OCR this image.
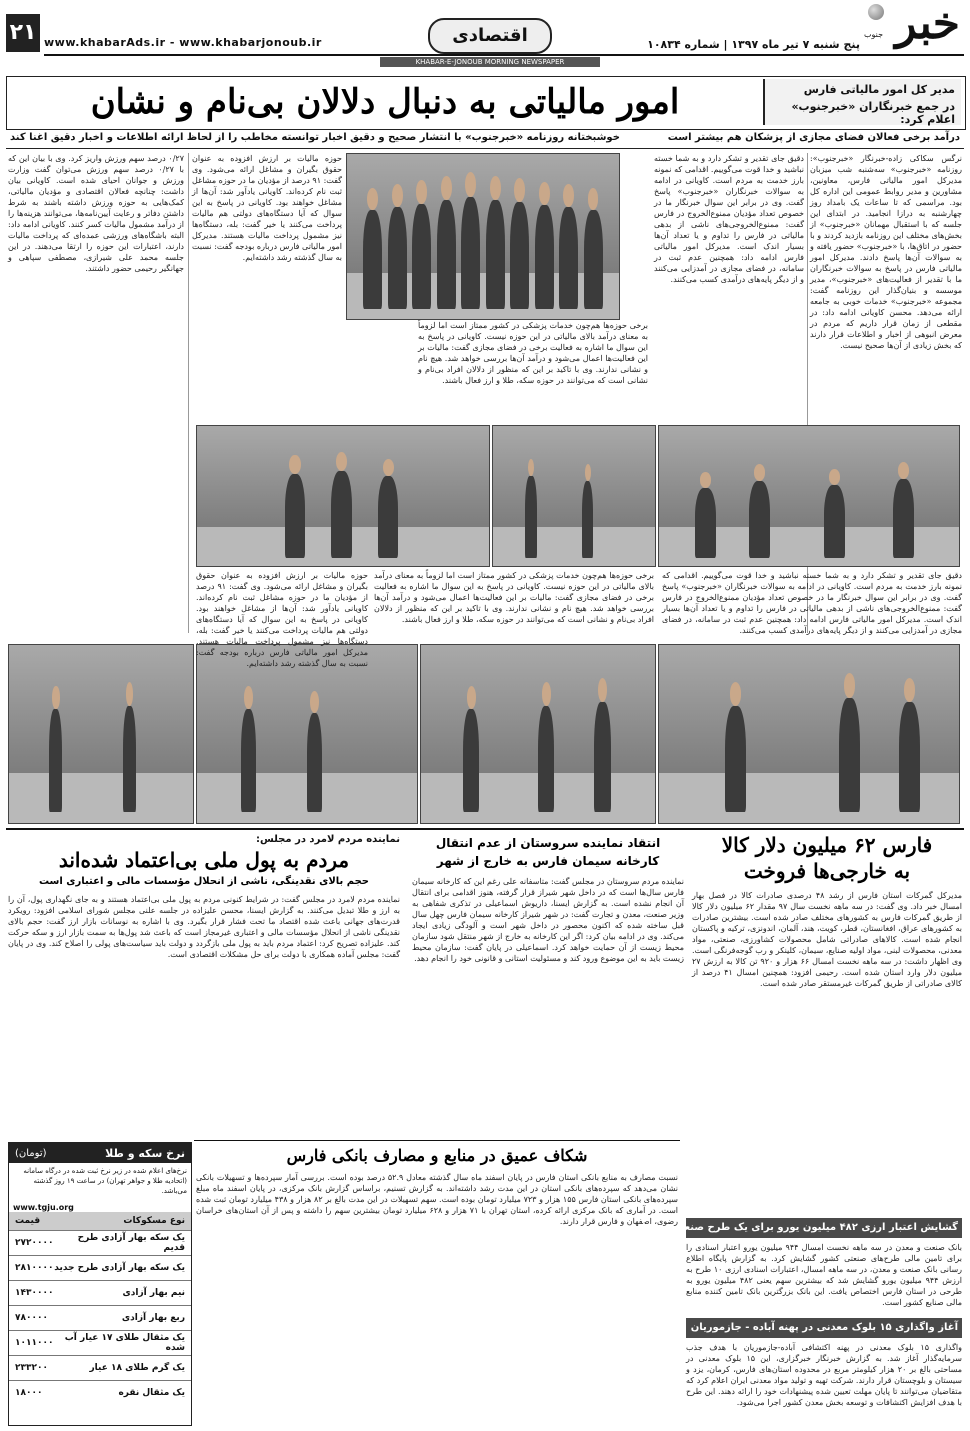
۲۱ www.khabarAds.ir - www.khabarjonoub.ir	اقتصادی	خبر
جنوب
پنج شنبه ۷ تیر ماه ۱۳۹۷ | شماره ۱۰۸۳۴
KHABAR-E-JONOUB MORNING NEWSPAPER
مدیر کل امور مالیاتی فارس
در جمع خبرنگاران «خبرجنوب» اعلام کرد:
امور مالیاتی به دنبال دلالان بی‌نام و نشان
درآمد برخی فعالان فضای مجازی از پزشکان هم بیشتر است
خوشبختانه روزنامه «خبرجنوب» با انتشار صحیح و دقیق اخبار توانسته مخاطب را از لحاظ ارائه اطلاعات و اخبار دقیق اغنا کند
نرگس سکاکی زاده-خبرنگار «خبرجنوب»: روزنامه «خبرجنوب» سه‌شنبه شب میزبان مدیرکل امور مالیاتی فارس، معاونین، مشاورین و مدیر روابط عمومی این اداره کل بود. مراسمی که تا ساعات یک بامداد روز چهارشنبه به درازا انجامید. در ابتدای این جلسه که با استقبال مهمانان «خبرجنوب» از بخش‌های مختلف این روزنامه بازدید کردند و با حضور در اتاق‌ها، با «خبرجنوب» حضور یافته و به سوالات آن‌ها پاسخ دادند. مدیرکل امور مالیاتی فارس در پاسخ به سوالات خبرنگاران ما با تقدیر از فعالیت‌های «خبرجنوب»، مدیر موسسه و بنیان‌گذار این روزنامه گفت: مجموعه «خبرجنوب» خدمات خوبی به جامعه ارائه می‌دهد. محسن کاویانی ادامه داد: در مقطعی از زمان قرار داریم که مردم در معرض انبوهی از اخبار و اطلاعات قرار دارند که بخش زیادی از آن‌ها صحیح نیست.
دقیق جای تقدیر و تشکر دارد و به شما خسته نباشید و خدا قوت می‌گوییم. اقدامی که نمونه بارز خدمت به مردم است. کاویانی در ادامه به سوالات خبرنگاران «خبرجنوب» پاسخ گفت. وی در برابر این سوال خبرنگار ما در خصوص تعداد مؤدیان ممنوع‌الخروج در فارس گفت: ممنوع‌الخروجی‌های ناشی از بدهی مالیاتی در فارس را تداوم و یا تعداد آن‌ها بسیار اندک است. مدیرکل امور مالیاتی فارس ادامه داد: همچنین عدم ثبت در سامانه، در فضای مجازی در آمدزایی می‌کنند و از دیگر پایه‌های درآمدی کسب می‌کنند.
برخی حوزه‌ها هم‌چون خدمات پزشکی در کشور ممتاز است اما لزوماً به معنای درآمد بالای مالیاتی در این حوزه نیست. کاویانی در پاسخ به این سوال ما اشاره به فعالیت برخی در فضای مجازی گفت: مالیات بر این فعالیت‌ها اعمال می‌شود و درآمد آن‌ها بررسی خواهد شد. هیچ نام و نشانی ندارند. وی با تاکید بر این که منظور از دلالان افراد بی‌نام و نشانی است که می‌توانند در حوزه سکه، طلا و ارز فعال باشند.
حوزه مالیات بر ارزش افزوده به عنوان حقوق بگیران و مشاغل ارائه می‌شود. وی گفت: ۹۱ درصد از مؤدیان ما در حوزه مشاغل ثبت نام کرده‌اند. کاویانی یادآور شد: آن‌ها از مشاغل خواهند بود. کاویانی در پاسخ به این سوال که آیا دستگاه‌های دولتی هم مالیات پرداخت می‌کنند یا خیر گفت: بله، دستگاه‌ها نیز مشمول پرداخت مالیات هستند. مدیرکل امور مالیاتی فارس درباره بودجه گفت: نسبت به سال گذشته رشد داشته‌ایم.
۰/۲۷ درصد سهم ورزش واریز کرد. وی با بیان این که با ۰/۲۷ درصد سهم ورزش می‌توان گفت وزارت ورزش و جوانان احیای شده است. کاویانی بیان داشت: چنانچه فعالان اقتصادی و مؤدیان مالیاتی، کمک‌هایی به حوزه ورزش داشته باشند به شرط داشتن دفاتر و رعایت آیین‌نامه‌ها، می‌توانند هزینه‌ها را از درآمد مشمول مالیات کسر کنند. کاویانی ادامه داد: البته باشگاه‌های ورزشی عمده‌ای که پرداخت مالیات دارند، اعتبارات این حوزه را ارتقا می‌دهند. در این جلسه محمد علی شیرازی، مصطفی سپاهی و جهانگیر رحیمی حضور داشتند.
دقیق جای تقدیر و تشکر دارد و به شما خسته نباشید و خدا قوت می‌گوییم. اقدامی که نمونه بارز خدمت به مردم است. کاویانی در ادامه به سوالات خبرنگاران «خبرجنوب» پاسخ گفت. وی در برابر این سوال خبرنگار ما در خصوص تعداد مؤدیان ممنوع‌الخروج در فارس گفت: ممنوع‌الخروجی‌های ناشی از بدهی مالیاتی در فارس را تداوم و یا تعداد آن‌ها بسیار اندک است. مدیرکل امور مالیاتی فارس ادامه داد: همچنین عدم ثبت در سامانه، در فضای مجازی در آمدزایی می‌کنند و از دیگر پایه‌های درآمدی کسب می‌کنند.
برخی حوزه‌ها هم‌چون خدمات پزشکی در کشور ممتاز است اما لزوماً به معنای درآمد بالای مالیاتی در این حوزه نیست. کاویانی در پاسخ به این سوال ما اشاره به فعالیت برخی در فضای مجازی گفت: مالیات بر این فعالیت‌ها اعمال می‌شود و درآمد آن‌ها بررسی خواهد شد. هیچ نام و نشانی ندارند. وی با تاکید بر این که منظور از دلالان افراد بی‌نام و نشانی است که می‌توانند در حوزه سکه، طلا و ارز فعال باشند.
حوزه مالیات بر ارزش افزوده به عنوان حقوق بگیران و مشاغل ارائه می‌شود. وی گفت: ۹۱ درصد از مؤدیان ما در حوزه مشاغل ثبت نام کرده‌اند. کاویانی یادآور شد: آن‌ها از مشاغل خواهند بود. کاویانی در پاسخ به این سوال که آیا دستگاه‌های دولتی هم مالیات پرداخت می‌کنند یا خیر گفت: بله، دستگاه‌ها نیز مشمول پرداخت مالیات هستند. مدیرکل امور مالیاتی فارس درباره بودجه گفت: نسبت به سال گذشته رشد داشته‌ایم.
فارس ۶۲ میلیون دلار کالا
به خارجی‌ها فروخت
مدیرکل گمرکات استان فارس از رشد ۴۸ درصدی صادرات کالا در فصل بهار امسال خبر داد. وی گفت: در سه ماهه نخست سال ۹۷ مقدار ۶۲ میلیون دلار کالا از طریق گمرکات فارس به کشورهای مختلف صادر شده است. بیشترین صادرات به کشورهای عراق، افغانستان، قطر، کویت، هند، آلمان، اندونزی، ترکیه و پاکستان انجام شده است. کالاهای صادراتی شامل محصولات کشاورزی، صنعتی، مواد معدنی، محصولات لبنی، مواد اولیه صنایع، سیمان، کلینکر و رب گوجه‌فرنگی است. وی اظهار داشت: در سه ماهه نخست امسال ۶۶ هزار و ۹۲۰ تن کالا به ارزش ۲۷ میلیون دلار وارد استان شده است. رحیمی افزود: همچنین امسال ۴۱ درصد از کالای صادراتی از طریق گمرکات غیرمستقر صادر شده است.
انتقاد نماینده سروستان از عدم انتقال
کارخانه سیمان فارس به خارج از شهر
نماینده مردم سروستان در مجلس گفت: متاسفانه علی رغم این که کارخانه سیمان فارس سال‌ها است که در داخل شهر شیراز قرار گرفته، هنوز اقدامی برای انتقال آن انجام نشده است. به گزارش ایسنا، داریوش اسماعیلی در تذکری شفاهی به وزیر صنعت، معدن و تجارت گفت: در شهر شیراز کارخانه سیمان فارس چهل سال قبل ساخته شده که اکنون محصور در داخل شهر است و آلودگی زیادی ایجاد می‌کند. وی در ادامه بیان کرد: اگر این کارخانه به خارج از شهر منتقل شود سازمان محیط زیست از آن حمایت خواهد کرد. اسماعیلی در پایان گفت: سازمان محیط زیست باید به این موضوع ورود کند و مسئولیت استانی و قانونی خود را انجام دهد.
نماینده مردم لامرد در مجلس:
مردم به پول ملی بی‌اعتماد شده‌اند
حجم بالای نقدینگی، ناشی از انحلال مؤسسات مالی و اعتباری است
نماینده مردم لامرد در مجلس گفت: در شرایط کنونی مردم به پول ملی بی‌اعتماد هستند و به جای نگهداری پول، آن را به ارز و طلا تبدیل می‌کنند. به گزارش ایسنا، محسن علیزاده در جلسه علنی مجلس شورای اسلامی افزود: رویکرد قدرت‌های جهانی باعث شده اقتصاد ما تحت فشار قرار بگیرد. وی با اشاره به نوسانات بازار ارز گفت: حجم بالای نقدینگی ناشی از انحلال مؤسسات مالی و اعتباری غیرمجاز است که باعث شد پول‌ها به سمت بازار ارز و سکه حرکت کند. علیزاده تصریح کرد: اعتماد مردم باید به پول ملی بازگردد و دولت باید سیاست‌های پولی را اصلاح کند. وی در پایان گفت: مجلس آماده همکاری با دولت برای حل مشکلات اقتصادی است.
شکاف عمیق در منابع و مصارف بانکی فارس
نسبت مصارف به منابع بانکی استان فارس در پایان اسفند ماه سال گذشته معادل ۵۲.۹ درصد بوده است. بررسی آمار سپرده‌ها و تسهیلات بانکی نشان می‌دهد که سپرده‌های بانکی استان در این مدت رشد داشته‌اند. به گزارش تسنیم، براساس گزارش بانک مرکزی، در پایان اسفند ماه مبلغ سپرده‌های بانکی استان فارس ۱۵۵ هزار و ۷۲۳ میلیارد تومان بوده است. سهم تسهیلات در این مدت بالغ بر ۸۲ هزار و ۴۳۸ میلیارد تومان ثبت شده است. در آماری که بانک مرکزی ارائه کرده، استان تهران با ۷۱ هزار و ۶۲۸ میلیارد تومان بیشترین سهم را داشته و پس از آن استان‌های خراسان رضوی، اصفهان و فارس قرار دارند.
گشایش اعتبار ارزی ۴۸۲ میلیون یورو برای یک طرح صنعتی در فارس
بانک صنعت و معدن در سه ماهه نخست امسال ۹۴۴ میلیون یورو اعتبار اسنادی را برای تامین مالی طرح‌های صنعتی کشور گشایش کرد. به گزارش پایگاه اطلاع رسانی بانک صنعت و معدن، در سه ماهه امسال، اعتبارات اسنادی ارزی ۱۰ طرح به ارزش ۹۴۴ میلیون یورو گشایش شد که بیشترین سهم یعنی ۴۸۲ میلیون یورو به طرحی در استان فارس اختصاص یافت. این بانک بزرگترین بانک تامین کننده منابع مالی صنایع کشور است.
آغاز واگذاری ۱۵ بلوک معدنی در پهنه آباده - جازموریان
واگذاری ۱۵ بلوک معدنی در پهنه اکتشافی آباده-جازموریان با هدف جذب سرمایه‌گذار آغاز شد. به گزارش خبرنگار خبرگزاری، این ۱۵ بلوک معدنی در مساحتی بالغ بر ۲۰ هزار کیلومتر مربع در محدوده استان‌های فارس، کرمان، یزد و سیستان و بلوچستان قرار دارند. شرکت تهیه و تولید مواد معدنی ایران اعلام کرد که متقاضیان می‌توانند تا پایان مهلت تعیین شده پیشنهادات خود را ارائه دهند. این طرح با هدف افزایش اکتشافات و توسعه بخش معدن کشور اجرا می‌شود.
نرخ سکه و طلا
(تومان)
نرخ‌های اعلام شده در زیر نرخ ثبت شده در درگاه سامانه (اتحادیه طلا و جواهر تهران) در ساعت ۱۹ روز گذشته می‌باشد.
www.tgju.org
نوع مسکوکات
قیمت
یک سکه بهار آزادی طرح قدیم
۲۷۲۰۰۰۰
یک سکه بهار آزادی طرح جدید
۲۸۱۰۰۰۰
نیم بهار آزادی
۱۴۳۰۰۰۰
ربع بهار آزادی
۷۸۰۰۰۰
یک مثقال طلای ۱۷ عیار آب شده
۱۰۱۱۰۰۰
یک گرم طلای ۱۸ عیار
۲۳۳۲۰۰
یک مثقال نقره
۱۸۰۰۰
